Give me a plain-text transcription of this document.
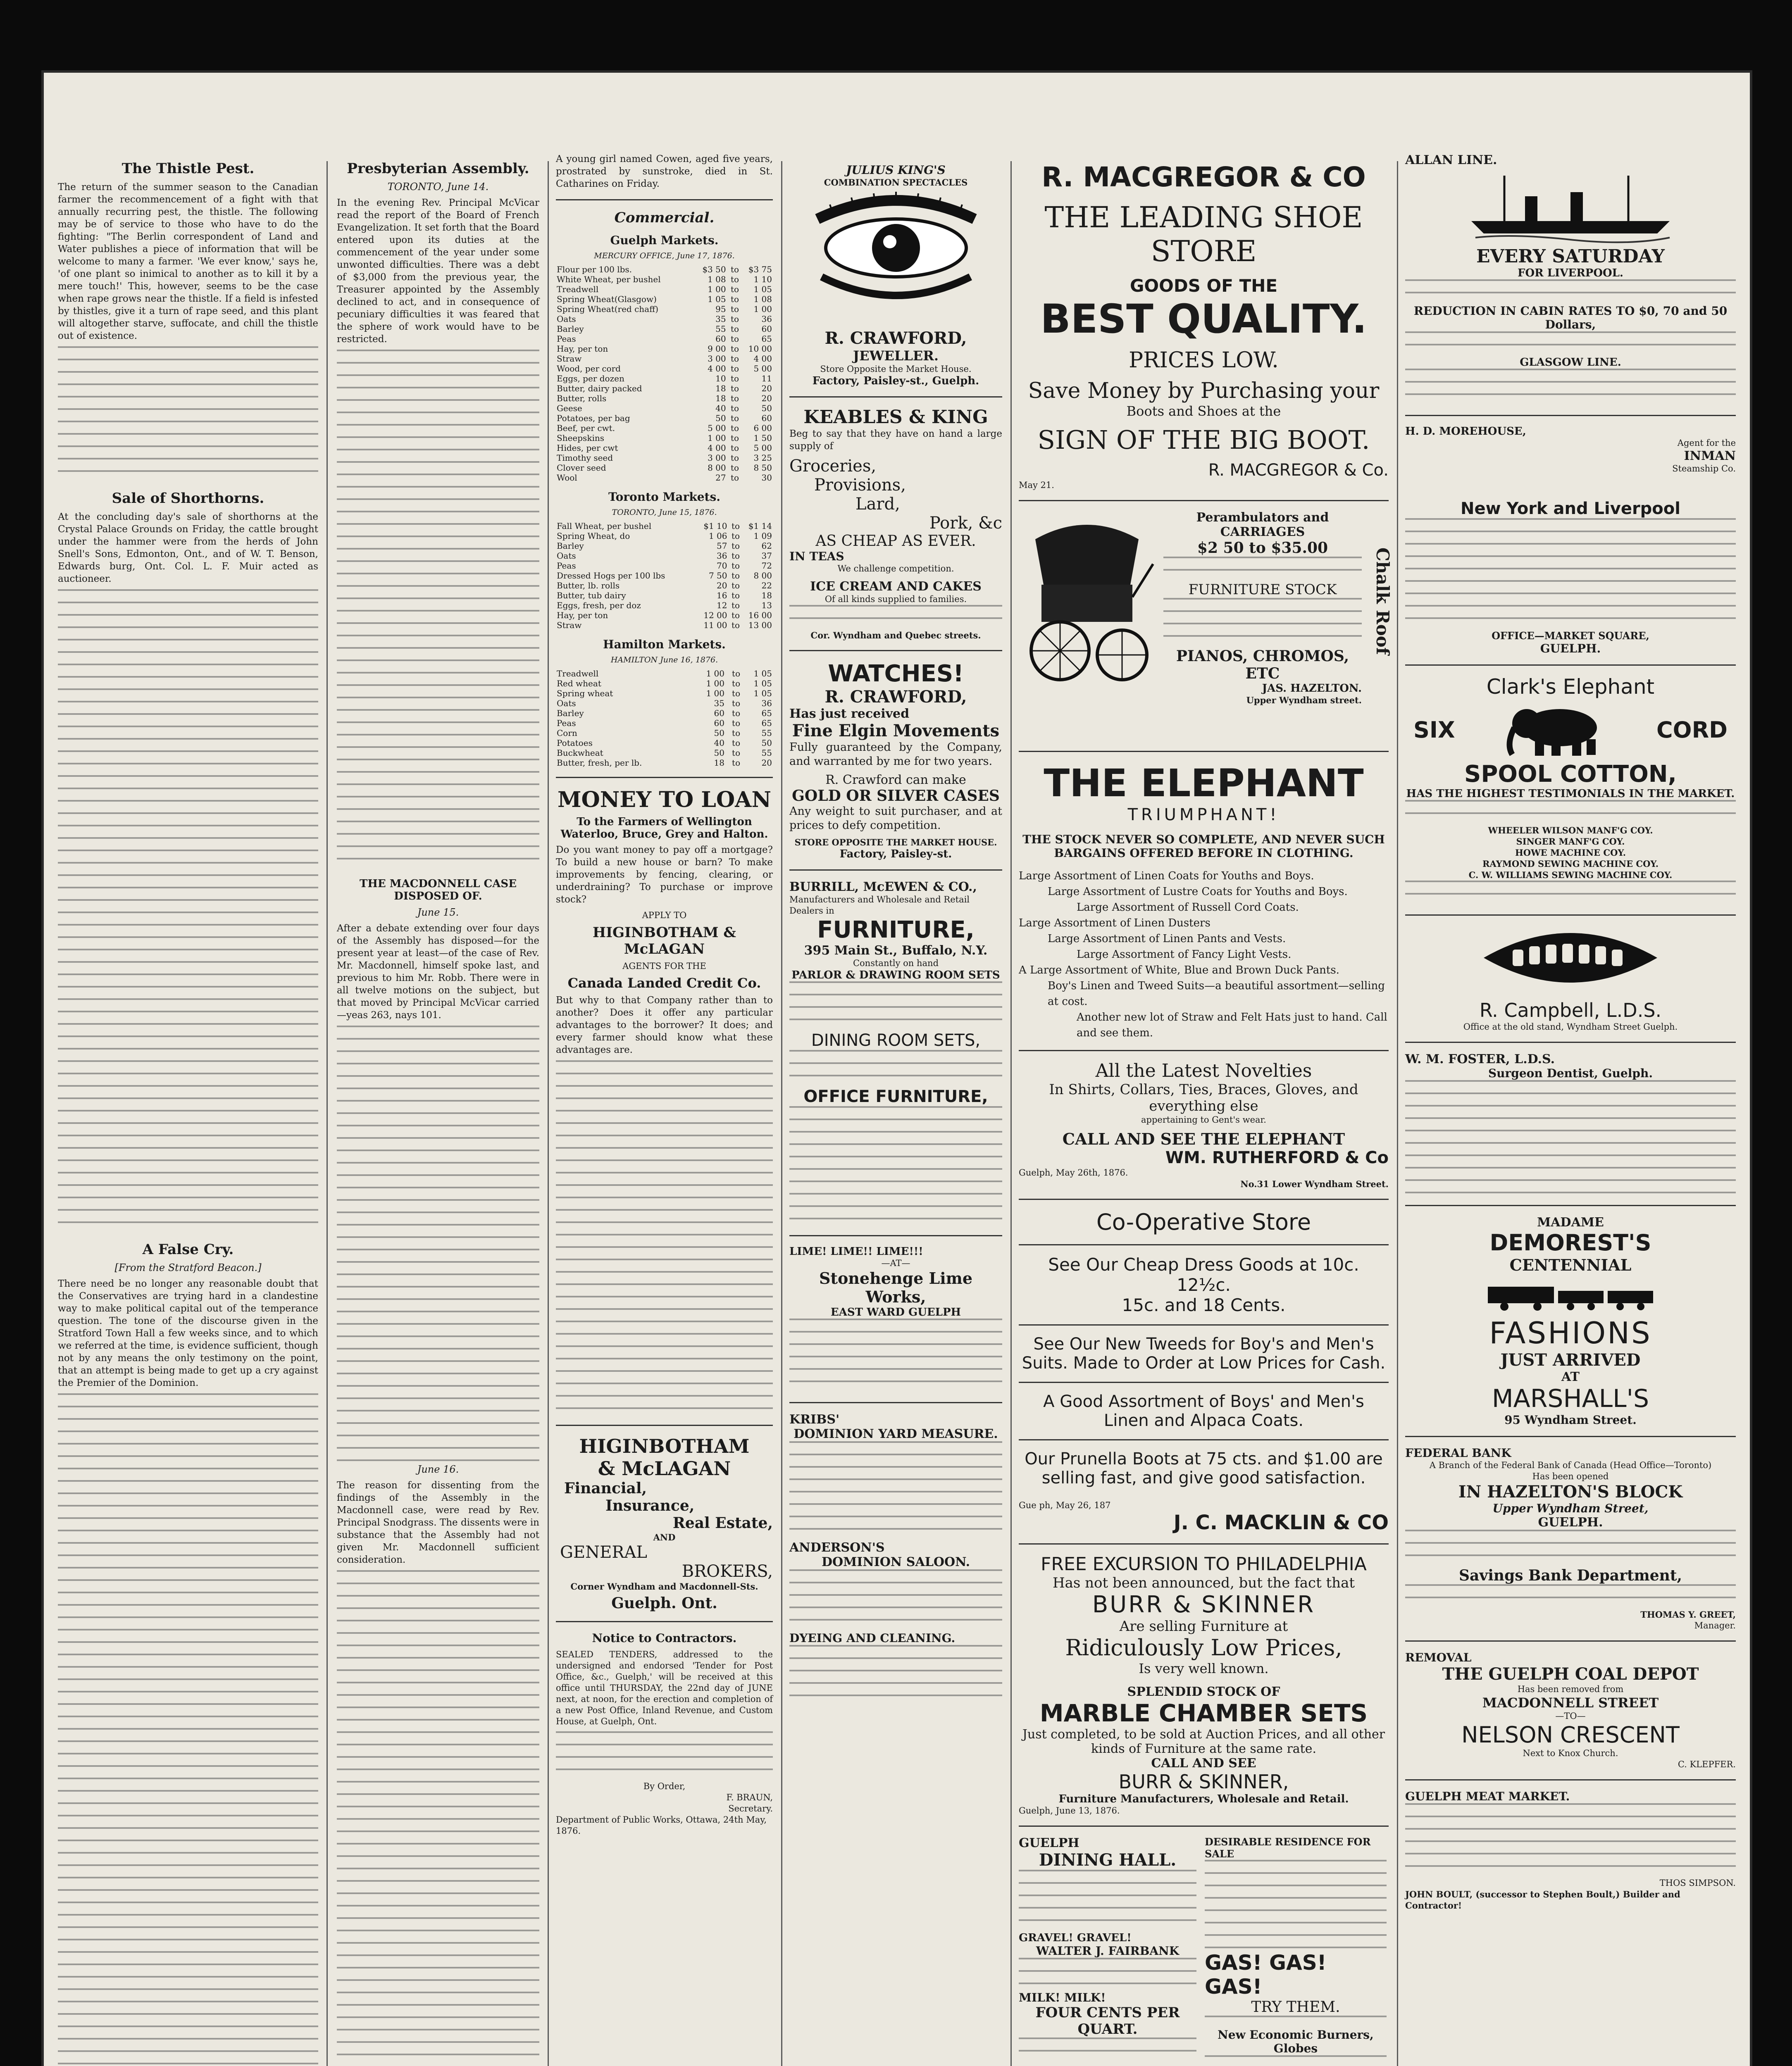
The Thistle Pest.

The return of the summer season to the Canadian farmer the recommencement of a fight with that annually recurring pest, the thistle. The following may be of service to those who have to do the fighting: "The Berlin correspondent of Land and Water publishes a piece of information that will be welcome to many a farmer. 'We ever know,' says he, 'of one plant so inimical to another as to kill it by a mere touch!' This, however, seems to be the case when rape grows near the thistle. If a field is infested by thistles, give it a turn of rape seed, and this plant will altogether starve, suffocate, and chill the thistle out of existence.

Sale of Shorthorns.

At the concluding day's sale of shorthorns at the Crystal Palace Grounds on Friday, the cattle brought under the hammer were from the herds of John Snell's Sons, Edmonton, Ont., and of W. T. Benson, Edwards burg, Ont. Col. L. F. Muir acted as auctioneer.

A False Cry.
[From the Stratford Beacon.]

There need be no longer any reasonable doubt that the Conservatives are trying hard in a clandestine way to make political capital out of the temperance question. The tone of the discourse given in the Stratford Town Hall a few weeks since, and to which we referred at the time, is evidence sufficient, though not by any means the only testimony on the point, that an attempt is being made to get up a cry against the Premier of the Dominion.

Presbyterian Assembly.
TORONTO, June 14.

In the evening Rev. Principal McVicar read the report of the Board of French Evangelization. It set forth that the Board entered upon its duties at the commencement of the year under some unwonted difficulties. There was a debt of $3,000 from the previous year, the Treasurer appointed by the Assembly declined to act, and in consequence of pecuniary difficulties it was feared that the sphere of work would have to be restricted.

THE MACDONNELL CASE DISPOSED OF.
June 15.

After a debate extending over four days of the Assembly has disposed—for the present year at least—of the case of Rev. Mr. Macdonnell, himself spoke last, and previous to him Mr. Robb. There were in all twelve motions on the subject, but that moved by Principal McVicar carried—yeas 263, nays 101.

June 16.

The reason for dissenting from the findings of the Assembly in the Macdonnell case, were read by Rev. Principal Snodgrass. The dissents were in substance that the Assembly had not given Mr. Macdonnell sufficient consideration.

A young girl named Cowen, aged five years, prostrated by sunstroke, died in St. Catharines on Friday.

Commercial.
Guelph Markets.
MERCURY OFFICE, June 17, 1876.
Flour per 100 lbs.	$3 50	to	$3 75
White Wheat, per bushel	1 08	to	1 10
Treadwell	1 00	to	1 05
Spring Wheat(Glasgow)	1 05	to	1 08
Spring Wheat(red chaff)	95	to	1 00
Oats	35	to	36
Barley	55	to	60
Peas	60	to	65
Hay, per ton	9 00	to	10 00
Straw	3 00	to	4 00
Wood, per cord	4 00	to	5 00
Eggs, per dozen	10	to	11
Butter, dairy packed	18	to	20
Butter, rolls	18	to	20
Geese	40	to	50
Potatoes, per bag	50	to	60
Beef, per cwt.	5 00	to	6 00
Sheepskins	1 00	to	1 50
Hides, per cwt	4 00	to	5 00
Timothy seed	3 00	to	3 25
Clover seed	8 00	to	8 50
Wool	27	to	30
Toronto Markets.
TORONTO, June 15, 1876.
Fall Wheat, per bushel	$1 10	to	$1 14
Spring Wheat, do	1 06	to	1 09
Barley	57	to	62
Oats	36	to	37
Peas	70	to	72
Dressed Hogs per 100 lbs	7 50	to	8 00
Butter, lb. rolls	20	to	22
Butter, tub dairy	16	to	18
Eggs, fresh, per doz	12	to	13
Hay, per ton	12 00	to	16 00
Straw	11 00	to	13 00
Hamilton Markets.
HAMILTON June 16, 1876.
Treadwell	1 00	to	1 05
Red wheat	1 00	to	1 05
Spring wheat	1 00	to	1 05
Oats	35	to	36
Barley	60	to	65
Peas	60	to	65
Corn	50	to	55
Potatoes	40	to	50
Buckwheat	50	to	55
Butter, fresh, per lb.	18	to	20
MONEY TO LOAN
To the Farmers of Wellington Waterloo, Bruce, Grey and Halton.

Do you want money to pay off a mortgage? To build a new house or barn? To make improvements by fencing, clearing, or underdraining? To purchase or improve stock?

APPLY TO
HIGINBOTHAM & McLAGAN
AGENTS FOR THE
Canada Landed Credit Co.

But why to that Company rather than to another? Does it offer any particular advantages to the borrower? It does; and every farmer should know what these advantages are.

HIGINBOTHAM
& McLAGAN
Financial,
Insurance,
Real Estate,
AND
GENERAL
BROKERS,
Corner Wyndham and Macdonnell-Sts.
Guelph. Ont.
Notice to Contractors.

SEALED TENDERS, addressed to the undersigned and endorsed 'Tender for Post Office, &c., Guelph,' will be received at this office until THURSDAY, the 22nd day of JUNE next, at noon, for the erection and completion of a new Post Office, Inland Revenue, and Custom House, at Guelph, Ont.

By Order,
F. BRAUN,
Secretary.
Department of Public Works, Ottawa, 24th May, 1876.
JULIUS KING'S
COMBINATION SPECTACLES
R. CRAWFORD,
JEWELLER.
Store Opposite the Market House.
Factory, Paisley-st., Guelph.
KEABLES & KING

Beg to say that they have on hand a large supply of

Groceries,
Provisions,
Lard,
Pork, &c
AS CHEAP AS EVER.
IN TEAS
We challenge competition.
ICE CREAM AND CAKES
Of all kinds supplied to families.
Cor. Wyndham and Quebec streets.
WATCHES!
R. CRAWFORD,
Has just received
Fine Elgin Movements

Fully guaranteed by the Company, and warranted by me for two years.

R. Crawford can make
GOLD OR SILVER CASES

Any weight to suit purchaser, and at prices to defy competition.

STORE OPPOSITE THE MARKET HOUSE.
Factory, Paisley-st.
BURRILL, McEWEN & CO.,
Manufacturers and Wholesale and Retail Dealers in
FURNITURE,
395 Main St., Buffalo, N.Y.
Constantly on hand
PARLOR & DRAWING ROOM SETS
DINING ROOM SETS,
OFFICE FURNITURE,
LIME! LIME!! LIME!!!
—AT—
Stonehenge Lime Works,
EAST WARD GUELPH
KRIBS'
DOMINION YARD MEASURE.
ANDERSON'S
DOMINION SALOON.
DYEING AND CLEANING.
R. MACGREGOR & CO
THE LEADING SHOE STORE
GOODS OF THE
BEST QUALITY.
PRICES LOW.
Save Money by Purchasing your
Boots and Shoes at the
SIGN OF THE BIG BOOT.
R. MACGREGOR & Co.
May 21.
Perambulators and CARRIAGES
$2 50 to $35.00
FURNITURE STOCK
PIANOS, CHROMOS, ETC
JAS. HAZELTON.
Upper Wyndham street.
Chalk Roof
THE ELEPHANT
TRIUMPHANT!
THE STOCK NEVER SO COMPLETE, AND NEVER SUCH BARGAINS OFFERED BEFORE IN CLOTHING.
Large Assortment of Linen Coats for Youths and Boys.
Large Assortment of Lustre Coats for Youths and Boys.
Large Assortment of Russell Cord Coats.
Large Assortment of Linen Dusters
Large Assortment of Linen Pants and Vests.
Large Assortment of Fancy Light Vests.
A Large Assortment of White, Blue and Brown Duck Pants.
Boy's Linen and Tweed Suits—a beautiful assortment—selling at cost.
Another new lot of Straw and Felt Hats just to hand. Call and see them.
All the Latest Novelties
In Shirts, Collars, Ties, Braces, Gloves, and everything else
appertaining to Gent's wear.
CALL AND SEE THE ELEPHANT
WM. RUTHERFORD & Co
Guelph, May 26th, 1876.
No.31 Lower Wyndham Street.
Co-Operative Store
See Our Cheap Dress Goods at 10c. 12½c.
15c. and 18 Cents.
See Our New Tweeds for Boy's and Men's Suits. Made to Order at Low Prices for Cash.
A Good Assortment of Boys' and Men's Linen and Alpaca Coats.
Our Prunella Boots at 75 cts. and $1.00 are selling fast, and give good satisfaction.
Gue ph, May 26, 187
J. C. MACKLIN & CO
FREE EXCURSION TO PHILADELPHIA
Has not been announced, but the fact that
BURR & SKINNER
Are selling Furniture at
Ridiculously Low Prices,
Is very well known.
SPLENDID STOCK OF
MARBLE CHAMBER SETS
Just completed, to be sold at Auction Prices, and all other kinds of Furniture at the same rate.
CALL AND SEE
BURR & SKINNER,
Furniture Manufacturers, Wholesale and Retail.
Guelph, June 13, 1876.
GUELPH
DINING HALL.
GRAVEL! GRAVEL!
WALTER J. FAIRBANK
MILK! MILK!
FOUR CENTS PER QUART.
DESIRABLE RESIDENCE FOR SALE
GAS! GAS! GAS!
TRY THEM.
New Economic Burners, Globes
ALLAN LINE.
EVERY SATURDAY
FOR LIVERPOOL.
REDUCTION IN CABIN RATES TO $0, 70 and 50 Dollars,
GLASGOW LINE.
H. D. MOREHOUSE,
Agent for the
INMAN
Steamship Co.
New York and Liverpool
OFFICE—MARKET SQUARE,
GUELPH.
Clark's Elephant
SIX	CORD
SPOOL COTTON,
HAS THE HIGHEST TESTIMONIALS IN THE MARKET.
WHEELER WILSON MANF'G COY.
SINGER MANF'G COY.
HOWE MACHINE COY.
RAYMOND SEWING MACHINE COY.
C. W. WILLIAMS SEWING MACHINE COY.
R. Campbell, L.D.S.
Office at the old stand, Wyndham Street Guelph.
W. M. FOSTER, L.D.S.
Surgeon Dentist, Guelph.
MADAME
DEMOREST'S
CENTENNIAL
FASHIONS
JUST ARRIVED
AT
MARSHALL'S
95 Wyndham Street.
FEDERAL BANK
A Branch of the Federal Bank of Canada (Head Office—Toronto)
Has been opened
IN HAZELTON'S BLOCK
Upper Wyndham Street,
GUELPH.
Savings Bank Department,
THOMAS Y. GREET,
Manager.
REMOVAL
THE GUELPH COAL DEPOT
Has been removed from
MACDONNELL STREET
—TO—
NELSON CRESCENT
Next to Knox Church.
C. KLEPFER.
GUELPH MEAT MARKET.
THOS SIMPSON.
JOHN BOULT, (successor to Stephen Boult,) Builder and Contractor!
